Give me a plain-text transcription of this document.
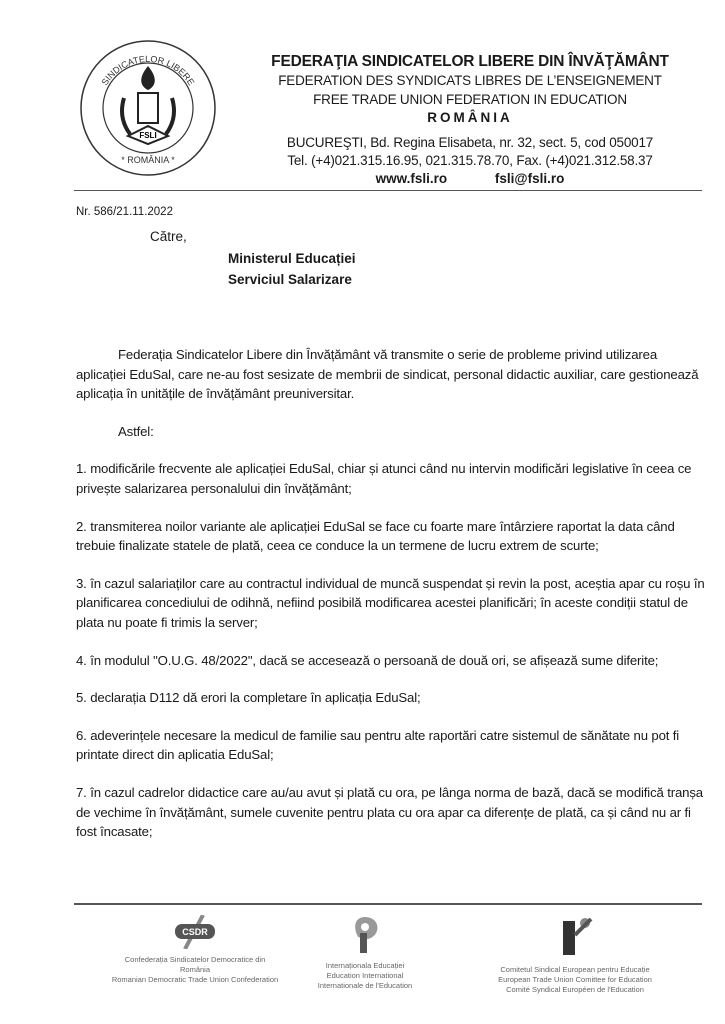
SINDICATELOR LIBERE
* ROMÂNIA *
FSLI
FEDERAŢIA SINDICATELOR LIBERE DIN ÎNVĂŢĂMÂNT
FEDERATION DES SYNDICATS LIBRES DE L’ENSEIGNEMENT
FREE TRADE UNION FEDERATION IN EDUCATION
ROMÂNIA
BUCUREŞTI, Bd. Regina Elisabeta, nr. 32, sect. 5, cod 050017
Tel. (+4)021.315.16.95, 021.315.78.70, Fax. (+4)021.312.58.37
www.fsli.ro	fsli@fsli.ro
Nr. 586/21.11.2022
Către,
Ministerul Educației
Serviciul Salarizare

Federația Sindicatelor Libere din Învățământ vă transmite o serie de probleme privind utilizarea aplicației EduSal, care ne-au fost sesizate de membrii de sindicat, personal didactic auxiliar, care gestionează aplicația în unitățile de învățământ preuniversitar.

Astfel:

1. modificările frecvente ale aplicației EduSal, chiar și atunci când nu intervin modificări legislative în ceea ce privește salarizarea personalului din învățământ;

2. transmiterea noilor variante ale aplicației EduSal se face cu foarte mare întârziere raportat la data când trebuie finalizate statele de plată, ceea ce conduce la un termene de lucru extrem de scurte;

3. în cazul salariaților care au contractul individual de muncă suspendat și revin la post, aceștia apar cu roșu în planificarea concediului de odihnă, nefiind posibilă modificarea acestei planificări; în aceste condiții statul de plata nu poate fi trimis la server;

4. în modulul "O.U.G. 48/2022", dacă se accesează o persoană de două ori, se afișează sume diferite;

5. declarația D112 dă erori la completare în aplicația EduSal;

6. adeverințele necesare la medicul de familie sau pentru alte raportări catre sistemul de sănătate nu pot fi printate direct din aplicatia EduSal;

7. în cazul cadrelor didactice care au/au avut și plată cu ora, pe lânga norma de bază, dacă se modifică tranșa de vechime în învățământ, sumele cuvenite pentru plata cu ora apar ca diferențe de plată, ca și când nu ar fi fost încasate;

CSDR
Confederația Sindicatelor Democratice din
România
Romanian Democratic Trade Union Confederation
Internaționala Educației
Education International
Internationale de l'Education
Comitetul Sindical European pentru Educație
European Trade Union Comittee for Education
Comité Syndical Européen de l'Education
